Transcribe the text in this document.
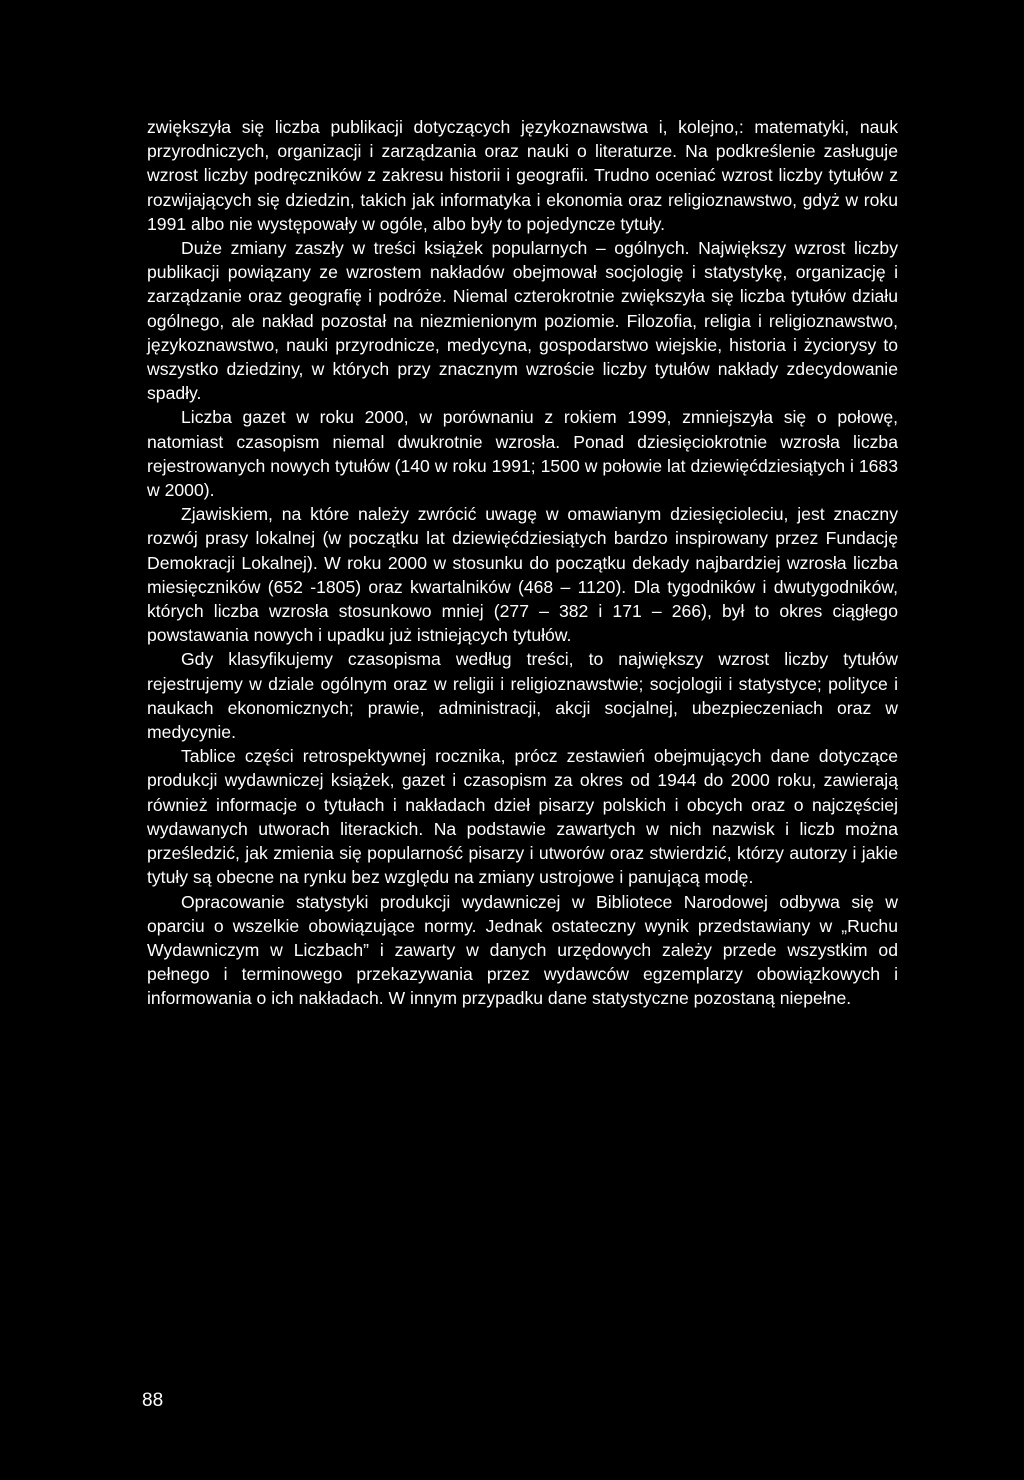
zwiększyła się liczba publikacji dotyczących językoznawstwa i, kolejno,: matematyki, nauk przyrodniczych, organizacji i zarządzania oraz nauki o literaturze. Na podkreślenie zasługuje wzrost liczby podręczników z zakresu historii i geografii. Trudno oceniać wzrost liczby tytułów z rozwijających się dziedzin, takich jak informatyka i ekonomia oraz religioznawstwo, gdyż w roku 1991 albo nie występowały w ogóle, albo były to pojedyncze tytuły.

Duże zmiany zaszły w treści książek popularnych – ogólnych. Największy wzrost liczby publikacji powiązany ze wzrostem nakładów obejmował socjologię i statystykę, organizację i zarządzanie oraz geografię i podróże. Niemal czterokrotnie zwiększyła się liczba tytułów działu ogólnego, ale nakład pozostał na niezmienionym poziomie. Filozofia, religia i religioznawstwo, językoznawstwo, nauki przyrodnicze, medycyna, gospodarstwo wiejskie, historia i życiorysy to wszystko dziedziny, w których przy znacznym wzroście liczby tytułów nakłady zdecydowanie spadły.

Liczba gazet w roku 2000, w porównaniu z rokiem 1999, zmniejszyła się o połowę, natomiast czasopism niemal dwukrotnie wzrosła. Ponad dziesięciokrotnie wzrosła liczba rejestrowanych nowych tytułów (140 w roku 1991; 1500 w połowie lat dziewięćdziesiątych i 1683 w 2000).

Zjawiskiem, na które należy zwrócić uwagę w omawianym dziesięcioleciu, jest znaczny rozwój prasy lokalnej (w początku lat dziewięćdziesiątych bardzo inspirowany przez Fundację Demokracji Lokalnej). W roku 2000 w stosunku do początku dekady najbardziej wzrosła liczba miesięczników (652 -1805) oraz kwartalników (468 – 1120). Dla tygodników i dwutygodników, których liczba wzrosła stosunkowo mniej (277 – 382 i 171 – 266), był to okres ciągłego powstawania nowych i upadku już istniejących tytułów.

Gdy klasyfikujemy czasopisma według treści, to największy wzrost liczby tytułów rejestrujemy w dziale ogólnym oraz w religii i religioznawstwie; socjologii i statystyce; polityce i naukach ekonomicznych; prawie, administracji, akcji socjalnej, ubezpieczeniach oraz w medycynie.

Tablice części retrospektywnej rocznika, prócz zestawień obejmujących dane dotyczące produkcji wydawniczej książek, gazet i czasopism za okres od 1944 do 2000 roku, zawierają również informacje o tytułach i nakładach dzieł pisarzy polskich i obcych oraz o najczęściej wydawanych utworach literackich. Na podstawie zawartych w nich nazwisk i liczb można prześledzić, jak zmienia się popularność pisarzy i utworów oraz stwierdzić, którzy autorzy i jakie tytuły są obecne na rynku bez względu na zmiany ustrojowe i panującą modę.

Opracowanie statystyki produkcji wydawniczej w Bibliotece Narodowej odbywa się w oparciu o wszelkie obowiązujące normy. Jednak ostateczny wynik przedstawiany w „Ruchu Wydawniczym w Liczbach” i zawarty w danych urzędowych zależy przede wszystkim od pełnego i terminowego przekazywania przez wydawców egzemplarzy obowiązkowych i informowania o ich nakładach. W innym przypadku dane statystyczne pozostaną niepełne.

88
